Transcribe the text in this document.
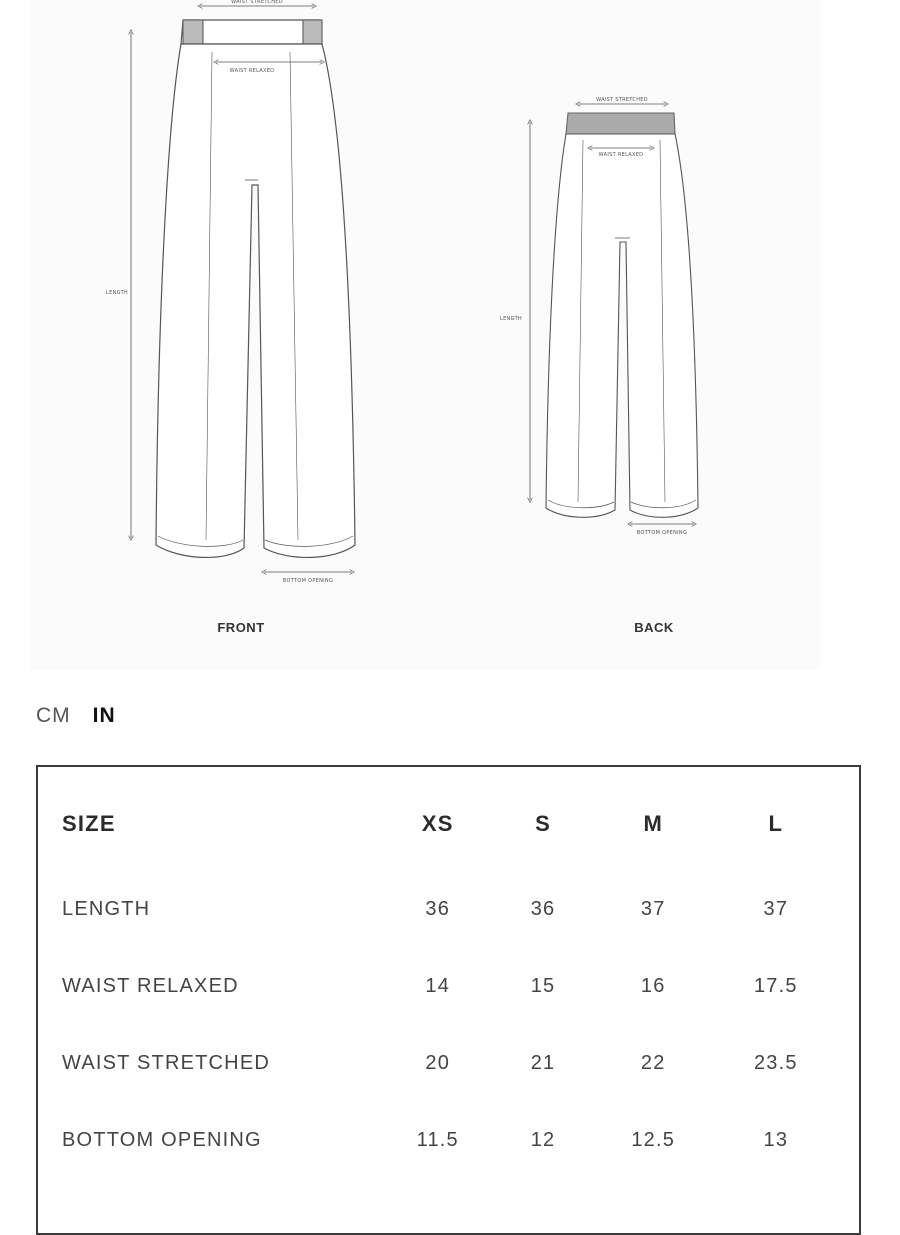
WAIST STRETCHED
WAIST RELAXED
LENGTH
BOTTOM OPENING
WAIST STRETCHED
WAIST RELAXED
LENGTH
BOTTOM OPENING
FRONT	BACK
CM IN
SIZE	XS	S	M	L
LENGTH	36	36	37	37
WAIST RELAXED	14	15	16	17.5
WAIST STRETCHED	20	21	22	23.5
BOTTOM OPENING	11.5	12	12.5	13
